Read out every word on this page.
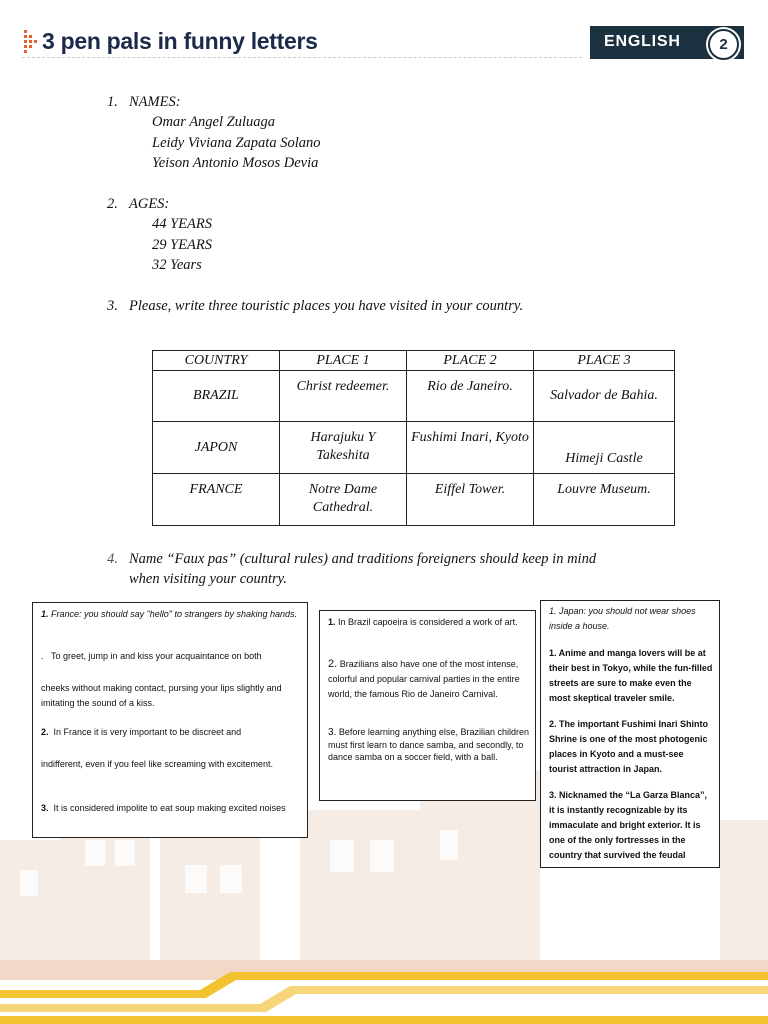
3 pen pals in funny letters	ENGLISH	2
1. NAMES:
Omar Angel Zuluaga
Leidy Viviana Zapata Solano
Yeison Antonio Mosos Devia
2. AGES:
44 YEARS
29 YEARS
32 Years
3. Please, write three touristic places you have visited in your country.
COUNTRY	PLACE 1	PLACE 2	PLACE 3
BRAZIL	Christ redeemer.	Rio de Janeiro.	Salvador de Bahia.
JAPON	Harajuku Y Takeshita	Fushimi Inari, Kyoto	Himeji Castle
FRANCE	Notre Dame Cathedral.	Eiffel Tower.	Louvre Museum.
4. Name “Faux pas” (cultural rules) and traditions foreigners should keep in mind
when visiting your country.

1. France: you should say "hello" to strangers by shaking hands.

. To greet, jump in and kiss your acquaintance on both

cheeks without making contact, pursing your lips slightly and imitating the sound of a kiss.

2. In France it is very important to be discreet and

indifferent, even if you feel like screaming with excitement.

3. It is considered impolite to eat soup making excited noises

1. In Brazil capoeira is considered a work of art.

2. Brazilians also have one of the most intense, colorful and popular carnival parties in the entire world, the famous Rio de Janeiro Carnival.

3. Before learning anything else, Brazilian children must first learn to dance samba, and secondly, to dance samba on a soccer field, with a ball.

1. Japan: you should not wear shoes inside a house.

1. Anime and manga lovers will be at their best in Tokyo, while the fun-filled streets are sure to make even the most skeptical traveler smile.

2. The important Fushimi Inari Shinto Shrine is one of the most photogenic places in Kyoto and a must-see tourist attraction in Japan.

3. Nicknamed the “La Garza Blanca”, it is instantly recognizable by its immaculate and bright exterior. It is one of the only fortresses in the country that survived the feudal
